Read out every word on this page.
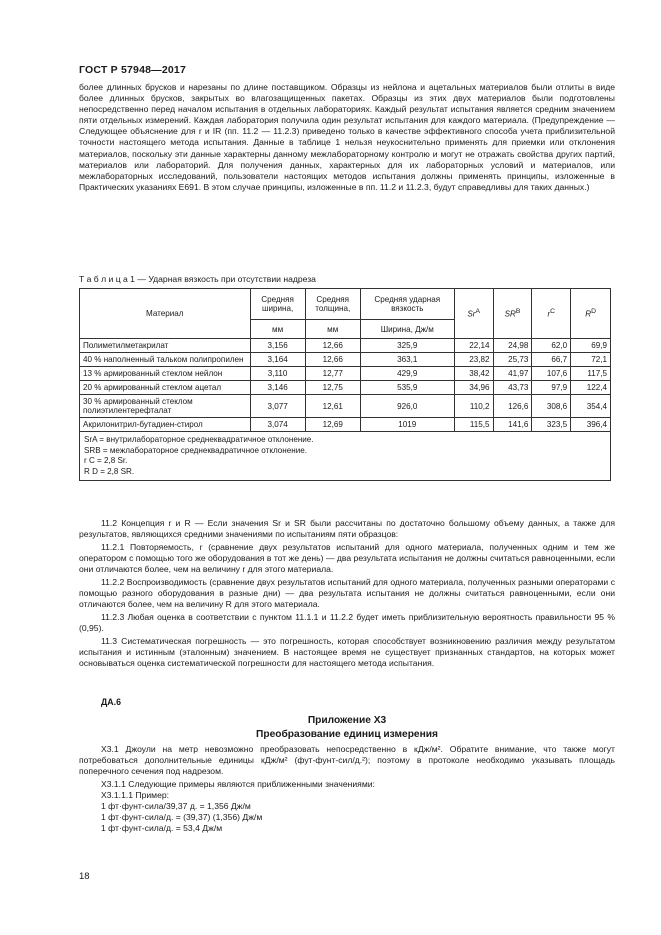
ГОСТ Р 57948—2017
более длинных брусков и нарезаны по длине поставщиком. Образцы из нейлона и ацетальных материалов были отлиты в виде более длинных брусков, закрытых во влагозащищенных пакетах. Образцы из этих двух материалов были подготовлены непосредственно перед началом испытания в отдельных лабораториях. Каждый результат испытания является средним значением пяти отдельных измерений. Каждая лаборатория получила один результат испытания для каждого материала. (Предупреждение — Следующее объяснение для r и IR (пп. 11.2 — 11.2.3) приведено только в качестве эффективного способа учета приблизительной точности настоящего метода испытания. Данные в таблице 1 нельзя неукоснительно применять для приемки или отклонения материалов, поскольку эти данные характерны данному межлабораторному контролю и могут не отражать свойства других партий, материалов или лабораторий. Для получения данных, характерных для их лабораторных условий и материалов, или межлабораторных исследований, пользователи настоящих методов испытания должны применять принципы, изложенные в Практических указаниях E691. В этом случае принципы, изложенные в пп. 11.2 и 11.2.3, будут справедливы для таких данных.)
Т а б л и ц а 1 — Ударная вязкость при отсутствии надреза
Материал	Средняя ширина,	Средняя толщина,	Средняя ударная вязкость	$Sr^A$	$SR^B$	$r^C$	$R^D$
	мм	мм	Ширина, Дж/м				
Полиметилметакрилат	3,156	12,66	325,9	22,14	24,98	62,0	69,9
40 % наполненный тальком полипропилен	3,164	12,66	363,1	23,82	25,73	66,7	72,1
13 % армированный стеклом нейлон	3,110	12,77	429,9	38,42	41,97	107,6	117,5
20 % армированный стеклом ацетал	3,146	12,75	535,9	34,96	43,73	97,9	122,4
30 % армированный стеклом полиэтилентерефталат	3,077	12,61	926,0	110,2	126,6	308,6	354,4
Акрилонитрил-бутадиен-стирол	3,074	12,69	1019	115,5	141,6	323,5	396,4

SrA = внутрилабораторное среднеквадратичное отклонение.
SRB = межлабораторное среднеквадратичное отклонение.
r C = 2,8 Sr.
R D = 2,8 SR.							
11.2 Концепция r и R — Если значения Sr и SR были рассчитаны по достаточно большому объему данных, а также для результатов, являющихся средними значениями по испытаниям пяти образцов:
11.2.1 Повторяемость, r (сравнение двух результатов испытаний для одного материала, полученных одним и тем же оператором с помощью того же оборудования в тот же день) — два результата испытания не должны считаться равноценными, если они отличаются более, чем на величину r для этого материала.
11.2.2 Воспроизводимость (сравнение двух результатов испытаний для одного материала, полученных разными операторами с помощью разного оборудования в разные дни) — два результата испытания не должны считаться равноценными, если они отличаются более, чем на величину R для этого материала.
11.2.3 Любая оценка в соответствии с пунктом 11.1.1 и 11.2.2 будет иметь приблизительную вероятность правильности 95 % (0,95).
11.3 Систематическая погрешность — это погрешность, которая способствует возникновению различия между результатом испытания и истинным (эталонным) значением. В настоящее время не существует признанных стандартов, на которых может основываться оценка систематической погрешности для настоящего метода испытания.
ДА.6
Приложение Х3
Преобразование единиц измерения
Х3.1 Джоули на метр невозможно преобразовать непосредственно в кДж/м². Обратите внимание, что также могут потребоваться дополнительные единицы кДж/м² (фут-фунт-сил/д.²); поэтому в протоколе необходимо указывать площадь поперечного сечения под надрезом.
Х3.1.1 Следующие примеры являются приближенными значениями:
Х3.1.1.1 Пример:
1 фт·фунт-сила/39,37 д. = 1,356 Дж/м
1 фт·фунт-сила/д. = (39,37) (1,356) Дж/м
1 фт·фунт-сила/д. = 53,4 Дж/м
18
